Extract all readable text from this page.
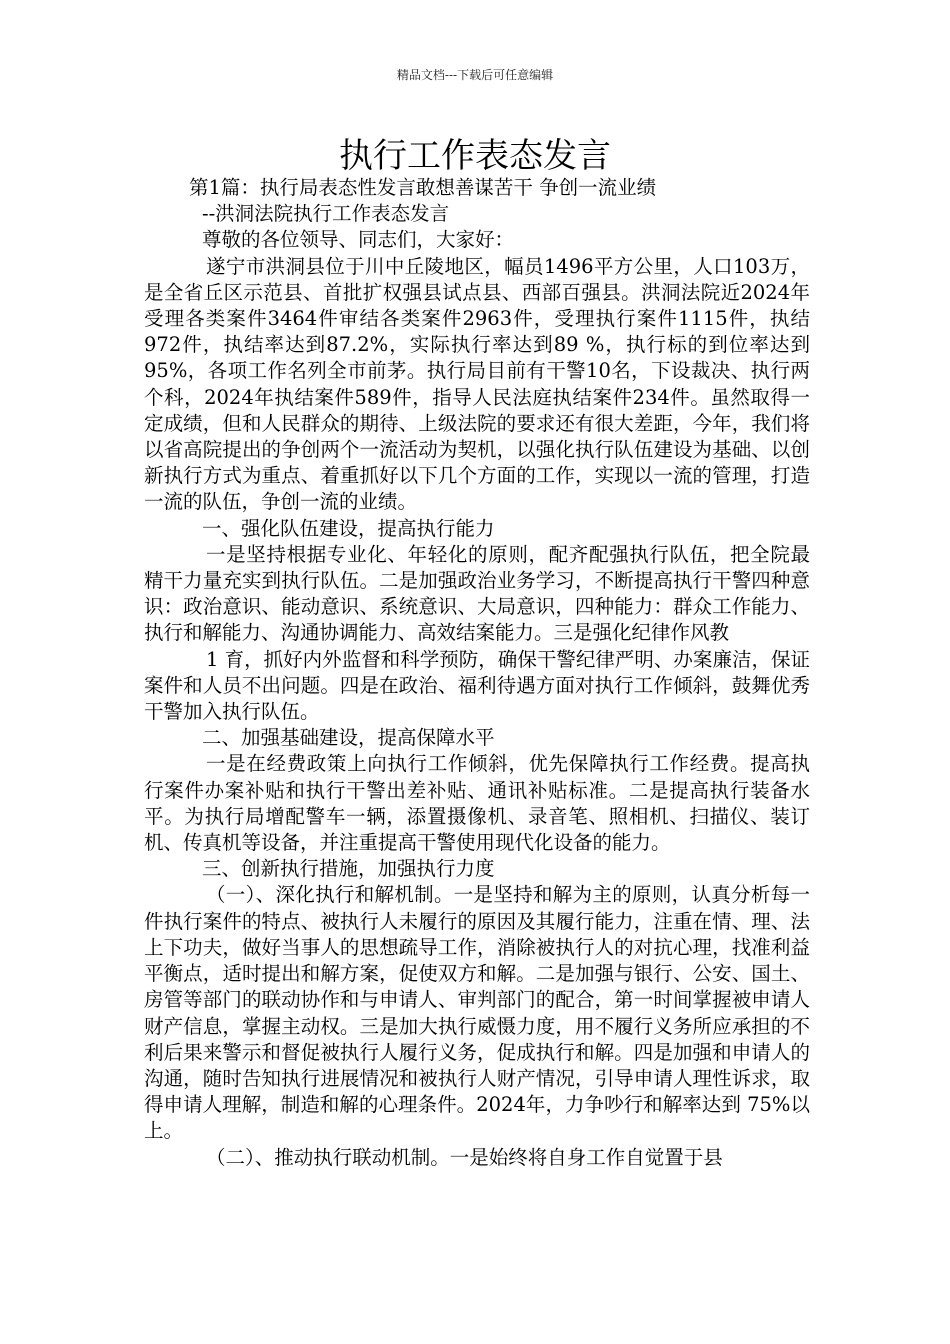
精品文档---下载后可任意编辑
执行工作表态发言

第1篇：执行局表态性发言敢想善谋苦干 争创一流业绩

--洪洞法院执行工作表态发言

尊敬的各位领导、同志们，大家好：

遂宁市洪洞县位于川中丘陵地区，幅员1496平方公里，人口103万，是全省丘区示范县、首批扩权强县试点县、西部百强县。洪洞法院近2024年受理各类案件3464件审结各类案件2963件，受理执行案件1115件，执结972件，执结率达到87.2%，实际执行率达到89 %，执行标的到位率达到95%，各项工作名列全市前茅。执行局目前有干警10名，下设裁决、执行两个科，2024年执结案件589件，指导人民法庭执结案件234件。虽然取得一定成绩，但和人民群众的期待、上级法院的要求还有很大差距，今年，我们将以省高院提出的争创两个一流活动为契机，以强化执行队伍建设为基础、以创新执行方式为重点、着重抓好以下几个方面的工作，实现以一流的管理，打造一流的队伍，争创一流的业绩。

一、强化队伍建设，提高执行能力

一是坚持根据专业化、年轻化的原则，配齐配强执行队伍，把全院最精干力量充实到执行队伍。二是加强政治业务学习，不断提高执行干警四种意识：政治意识、能动意识、系统意识、大局意识，四种能力：群众工作能力、执行和解能力、沟通协调能力、高效结案能力。三是强化纪律作风教

1 育，抓好内外监督和科学预防，确保干警纪律严明、办案廉洁，保证案件和人员不出问题。四是在政治、福利待遇方面对执行工作倾斜，鼓舞优秀干警加入执行队伍。

二、加强基础建设，提高保障水平

一是在经费政策上向执行工作倾斜，优先保障执行工作经费。提高执行案件办案补贴和执行干警出差补贴、通讯补贴标准。二是提高执行装备水平。为执行局增配警车一辆，添置摄像机、录音笔、照相机、扫描仪、装订机、传真机等设备，并注重提高干警使用现代化设备的能力。

三、创新执行措施，加强执行力度

（一）、深化执行和解机制。一是坚持和解为主的原则，认真分析每一件执行案件的特点、被执行人未履行的原因及其履行能力，注重在情、理、法上下功夫，做好当事人的思想疏导工作，消除被执行人的对抗心理，找准利益平衡点，适时提出和解方案，促使双方和解。二是加强与银行、公安、国土、房管等部门的联动协作和与申请人、审判部门的配合，第一时间掌握被申请人财产信息，掌握主动权。三是加大执行威慑力度，用不履行义务所应承担的不利后果来警示和督促被执行人履行义务，促成执行和解。四是加强和申请人的沟通，随时告知执行进展情况和被执行人财产情况，引导申请人理性诉求，取得申请人理解，制造和解的心理条件。2024年，力争吵行和解率达到 75%以上。

（二）、推动执行联动机制。一是始终将自身工作自觉置于县
